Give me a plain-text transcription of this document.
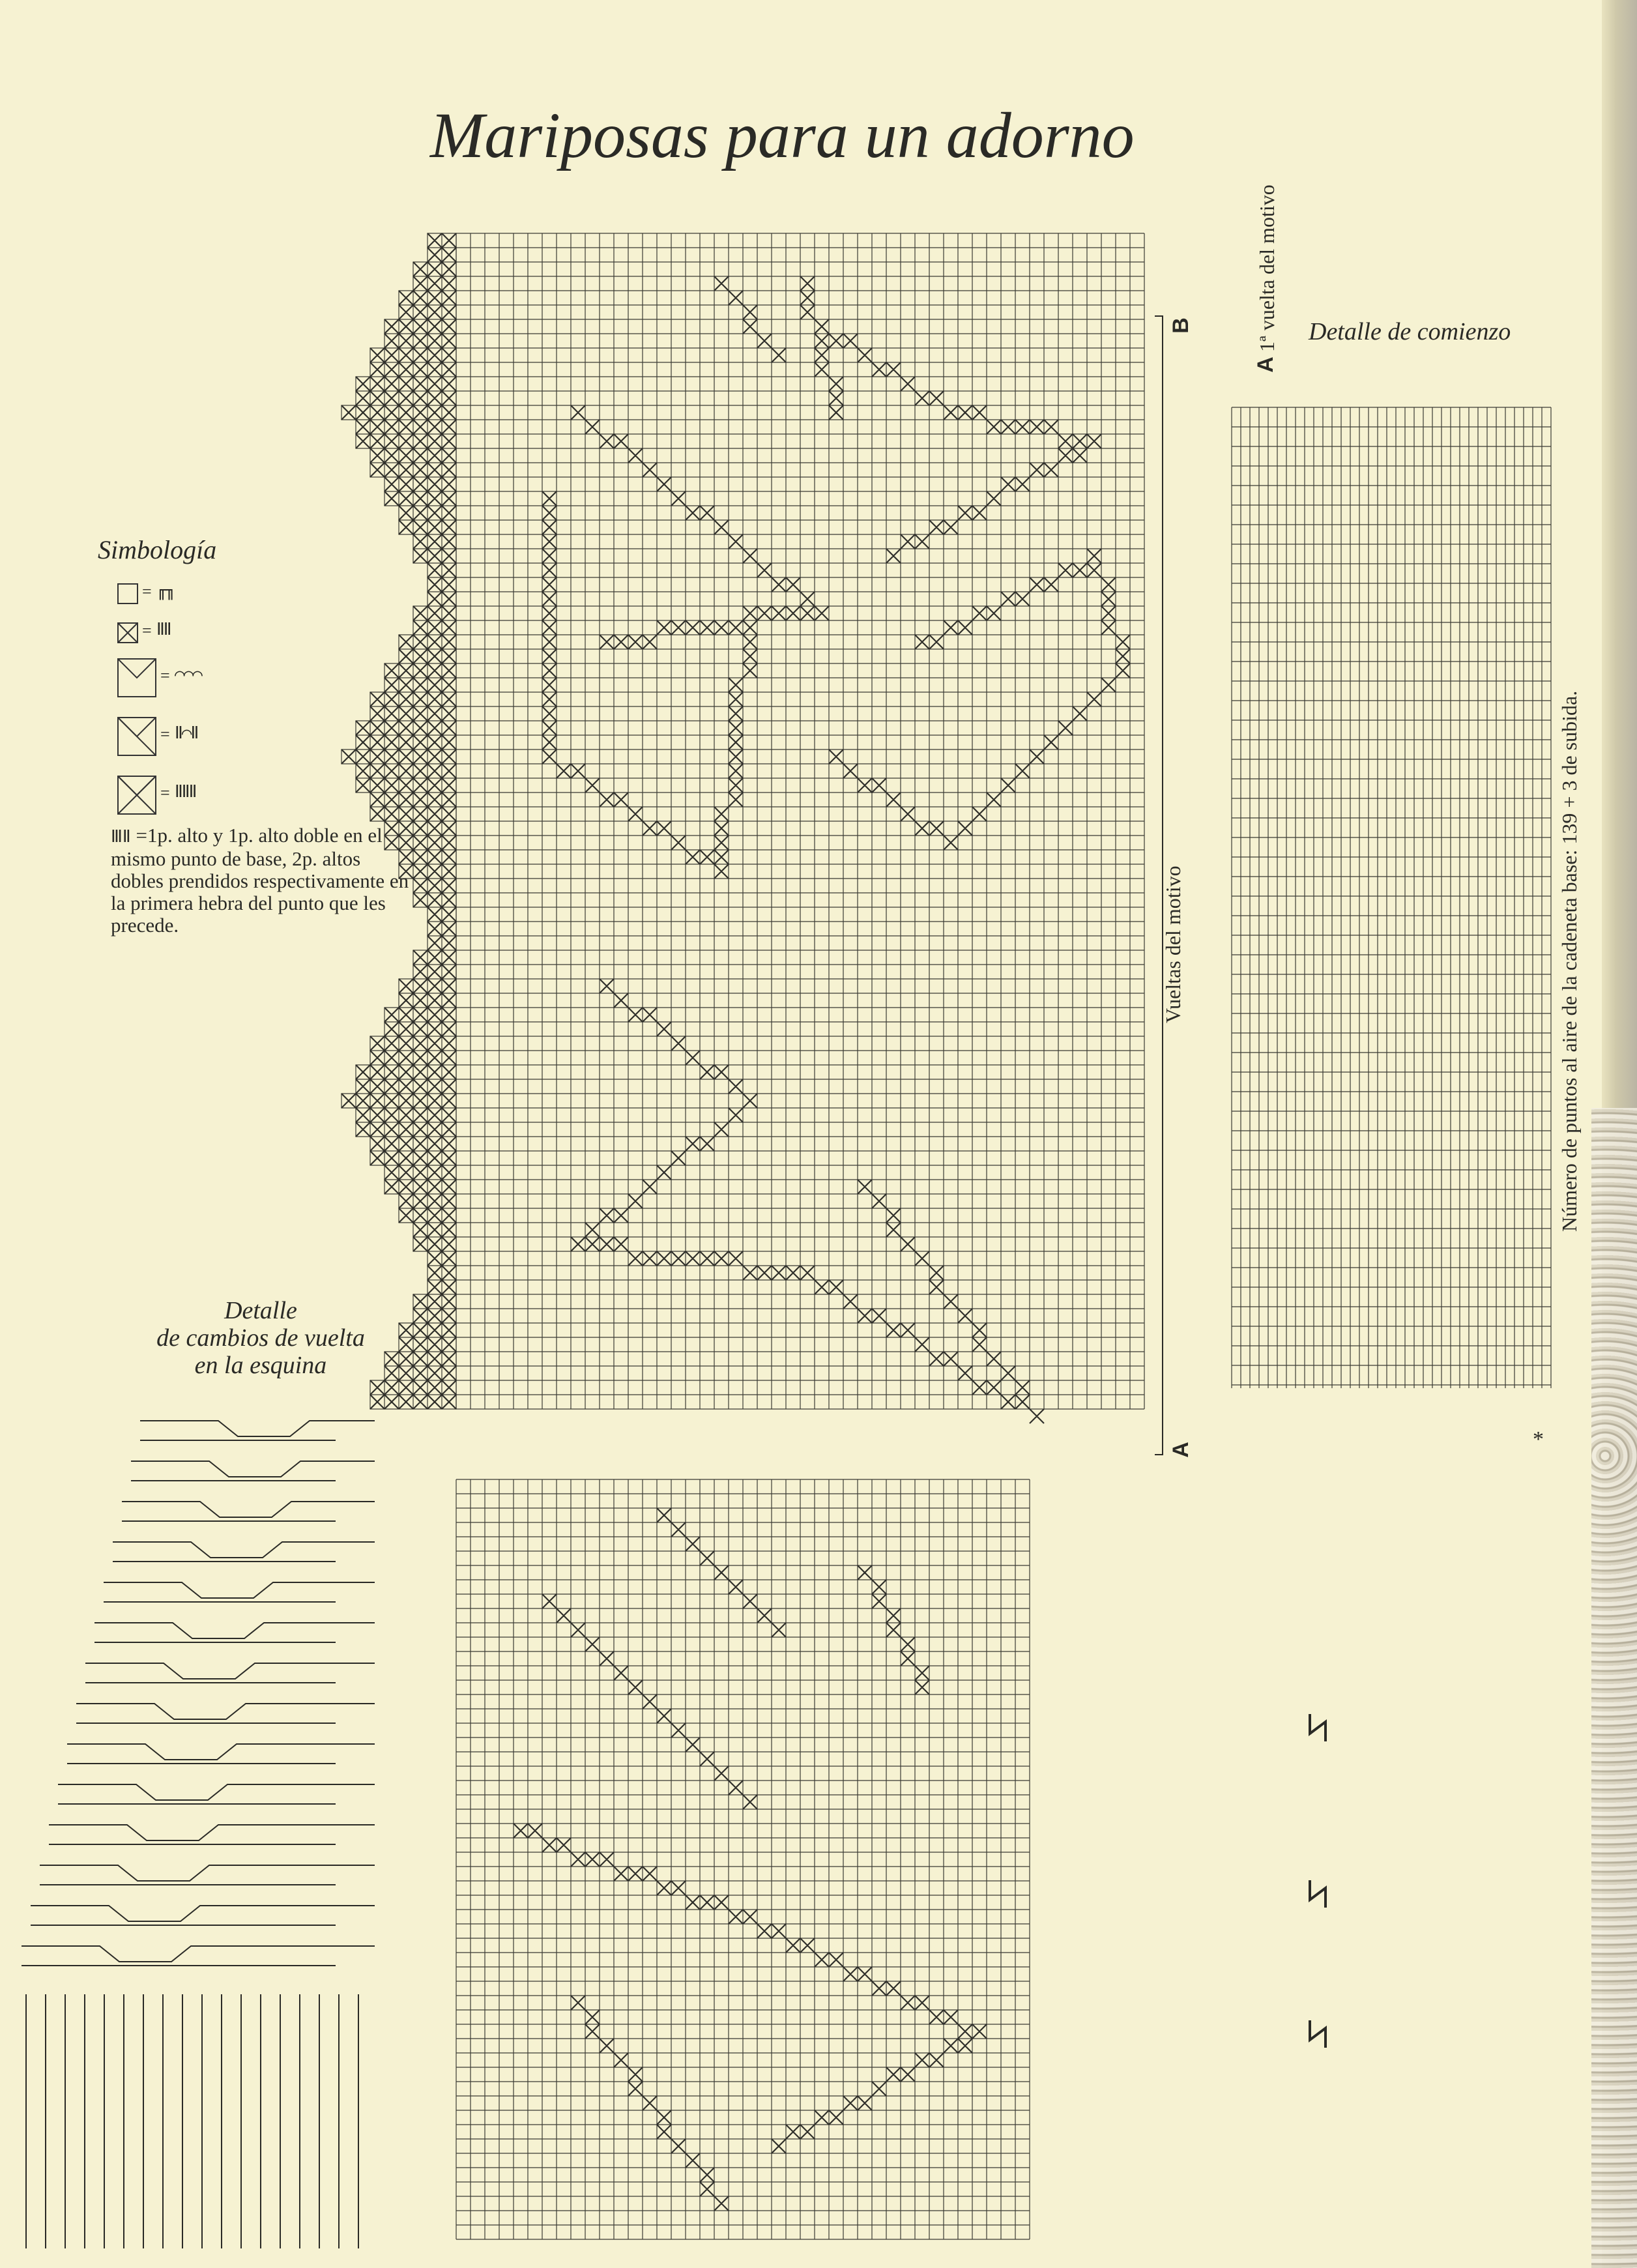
Mariposas para un adorno
Simbología
= ╓╖
= ⅡⅡ
= ⌒⌒⌒
= Ⅱ⌒Ⅱ
= ⅡⅡⅡ
ⅢⅡ =1p. alto y 1p. alto doble en el mismo punto de base, 2p. altos dobles prendidos respectivamente en la primera hebra del punto que les precede.
Detalle
de cambios de vuelta
en la esquina
Vueltas del motivo
A
B	Detalle de comienzo
1ª vuelta del motivo
A
Número de puntos al aire de la cadeneta base: 139 + 3 de subida.
*
